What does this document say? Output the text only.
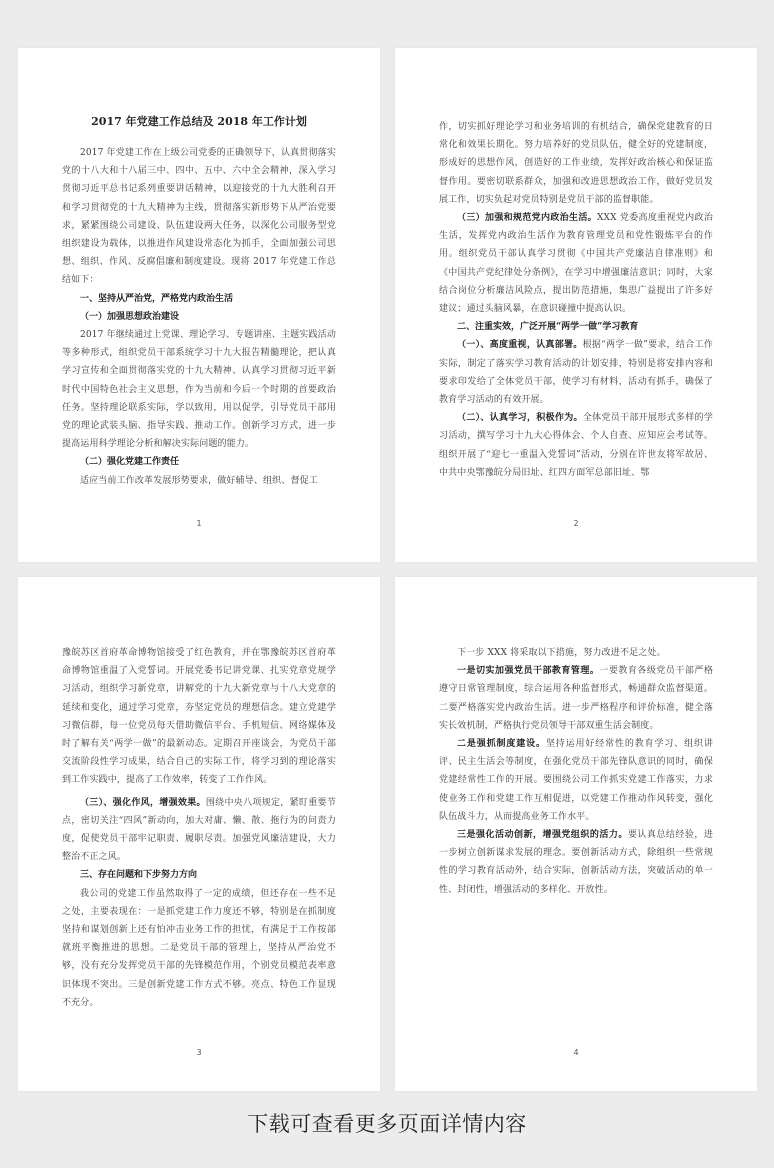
2017 年党建工作总结及 2018 年工作计划

2017 年党建工作在上级公司党委的正确领导下，认真贯彻落实党的十八大和十八届三中、四中、五中、六中全会精神，深入学习贯彻习近平总书记系列重要讲话精神，以迎接党的十九大胜利召开和学习贯彻党的十九大精神为主线，贯彻落实新形势下从严治党要求，紧紧围绕公司建设、队伍建设两大任务，以深化公司服务型党组织建设为载体，以推进作风建设常态化为抓手，全面加强公司思想、组织、作风、反腐倡廉和制度建设。现将 2017 年党建工作总结如下：

一、坚持从严治党，严格党内政治生活

（一）加强思想政治建设

2017 年继续通过上党课、理论学习、专题讲座、主题实践活动等多种形式，组织党员干部系统学习十九大报告精髓理论，把认真学习宣传和全面贯彻落实党的十九大精神、认真学习贯彻习近平新时代中国特色社会主义思想，作为当前和今后一个时期的首要政治任务。坚持理论联系实际，学以致用，用以促学，引导党员干部用党的理论武装头脑、指导实践、推动工作。创新学习方式，进一步提高运用科学理论分析和解决实际问题的能力。

（二）强化党建工作责任

适应当前工作改革发展形势要求，做好辅导、组织、督促工

1

作，切实抓好理论学习和业务培训的有机结合，确保党建教育的日常化和效果长期化。努力培养好的党员队伍，健全好的党建制度，形成好的思想作风，创造好的工作业绩，发挥好政治核心和保证监督作用。要密切联系群众，加强和改进思想政治工作，做好党员发展工作，切实负起对党员特别是党员干部的监督职能。

（三）加强和规范党内政治生活。XXX 党委高度重视党内政治生活，发挥党内政治生活作为教育管理党员和党性锻炼平台的作用。组织党员干部认真学习贯彻《中国共产党廉洁自律准则》和《中国共产党纪律处分条例》，在学习中增强廉洁意识；同时，大家结合岗位分析廉洁风险点，提出防范措施，集思广益提出了许多好建议；通过头脑风暴，在意识碰撞中提高认识。

二、注重实效，广泛开展“两学一做”学习教育

（一）、高度重视，认真部署。根据“两学一做”要求，结合工作实际，制定了落实学习教育活动的计划安排，特别是将安排内容和要求印发给了全体党员干部，使学习有材料，活动有抓手，确保了教育学习活动的有效开展。

（二）、认真学习，积极作为。全体党员干部开展形式多样的学习活动，撰写学习十九大心得体会、个人自查、应知应会考试等。组织开展了“迎七一重温入党誓词”活动，分别在许世友将军故居、中共中央鄂豫皖分局旧址、红四方面军总部旧址、鄂

2

豫皖苏区首府革命博物馆接受了红色教育，并在鄂豫皖苏区首府革命博物馆重温了入党誓词。开展党委书记讲党课、扎实党章党规学习活动，组织学习新党章，讲解党的十九大新党章与十八大党章的延续和变化，通过学习党章，夯坚定党员的理想信念。建立党建学习微信群，每一位党员每天借助微信平台、手机短信、网络媒体及时了解有关“两学一做”的最新动态。定期召开座谈会，为党员干部交流阶段性学习成果，结合自己的实际工作，将学习到的理论落实到工作实践中，提高了工作效率，转变了工作作风。

（三）、强化作风，增强效果。围绕中央八项规定，紧盯重要节点，密切关注“四风”新动向，加大对庸、懒、散、拖行为的问责力度，促使党员干部牢记职责、履职尽责。加强党风廉洁建设，大力整治不正之风。

三、存在问题和下步努力方向

我公司的党建工作虽然取得了一定的成绩，但还存在一些不足之处，主要表现在：一是抓党建工作力度还不够，特别是在抓制度坚持和谋划创新上还有怕冲击业务工作的担忧，有满足于工作按部就班平衡推进的思想。二是党员干部的管理上，坚持从严治党不够，没有充分发挥党员干部的先锋模范作用，个别党员模范表率意识体现不突出。三是创新党建工作方式不够。亮点、特色工作显现不充分。

3

下一步 XXX 将采取以下措施，努力改进不足之处。

一是切实加强党员干部教育管理。一要教育各级党员干部严格遵守日常管理制度，综合运用各种监督形式，畅通群众监督渠道。二要严格落实党内政治生活。进一步严格程序和评价标准，健全落实长效机制，严格执行党员领导干部双重生活会制度。

二是强抓制度建设。坚持运用好经常性的教育学习、组织讲评、民主生活会等制度，在强化党员干部先锋队意识的同时，确保党建经常性工作的开展。要围绕公司工作抓实党建工作落实，力求使业务工作和党建工作互相促进，以党建工作推动作风转变，强化队伍战斗力，从而提高业务工作水平。

三是强化活动创新，增强党组织的活力。要认真总结经验，进一步树立创新谋求发展的理念。要创新活动方式，除组织一些常规性的学习教育活动外，结合实际，创新活动方法，突破活动的单一性、封闭性，增强活动的多样化、开放性。

4
下载可查看更多页面详情内容
